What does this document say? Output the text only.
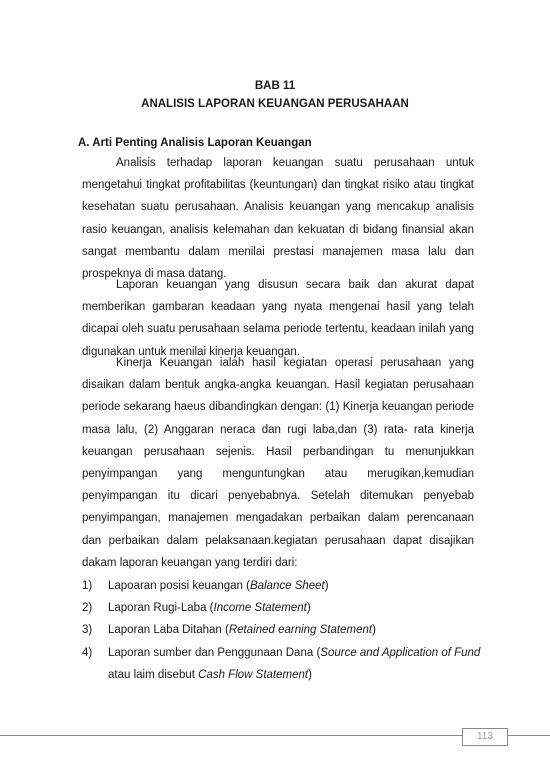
BAB 11
ANALISIS LAPORAN KEUANGAN PERUSAHAAN
A. Arti Penting Analisis Laporan Keuangan
Analisis terhadap laporan keuangan suatu perusahaan untuk mengetahui tingkat profitabilitas (keuntungan) dan tingkat risiko atau tingkat kesehatan suatu perusahaan. Analisis keuangan yang mencakup analisis rasio keuangan, analisis kelemahan dan kekuatan di bidang finansial akan sangat membantu dalam menilai prestasi manajemen masa lalu dan prospeknya di masa datang.
Laporan keuangan yang disusun secara baik dan akurat dapat memberikan gambaran keadaan yang nyata mengenai hasil yang telah dicapai oleh suatu perusahaan selama periode tertentu, keadaan inilah yang digunakan untuk menilai kinerja keuangan.
Kinerja Keuangan ialah hasil kegiatan operasi perusahaan yang disaikan dalam bentuk angka-angka keuangan. Hasil kegiatan perusahaan periode sekarang haeus dibandingkan dengan: (1) Kinerja keuangan periode masa lalu, (2) Anggaran neraca dan rugi laba,dan (3) rata- rata kinerja keuangan perusahaan sejenis. Hasil perbandingan tu menunjukkan penyimpangan yang menguntungkan atau merugikan,kemudian penyimpangan itu dicari penyebabnya. Setelah ditemukan penyebab penyimpangan, manajemen mengadakan perbaikan dalam perencanaan dan perbaikan dalam pelaksanaan.kegiatan perusahaan dapat disajikan dakam laporan keuangan yang terdiri dari:
1) Lapoaran posisi keuangan (Balance Sheet)
2) Laporan Rugi-Laba (Income Statement)
3) Laporan Laba Ditahan (Retained earning Statement)
4) Laporan sumber dan Penggunaan Dana (Source and Application of Fund atau laim disebut Cash Flow Statement)
113
